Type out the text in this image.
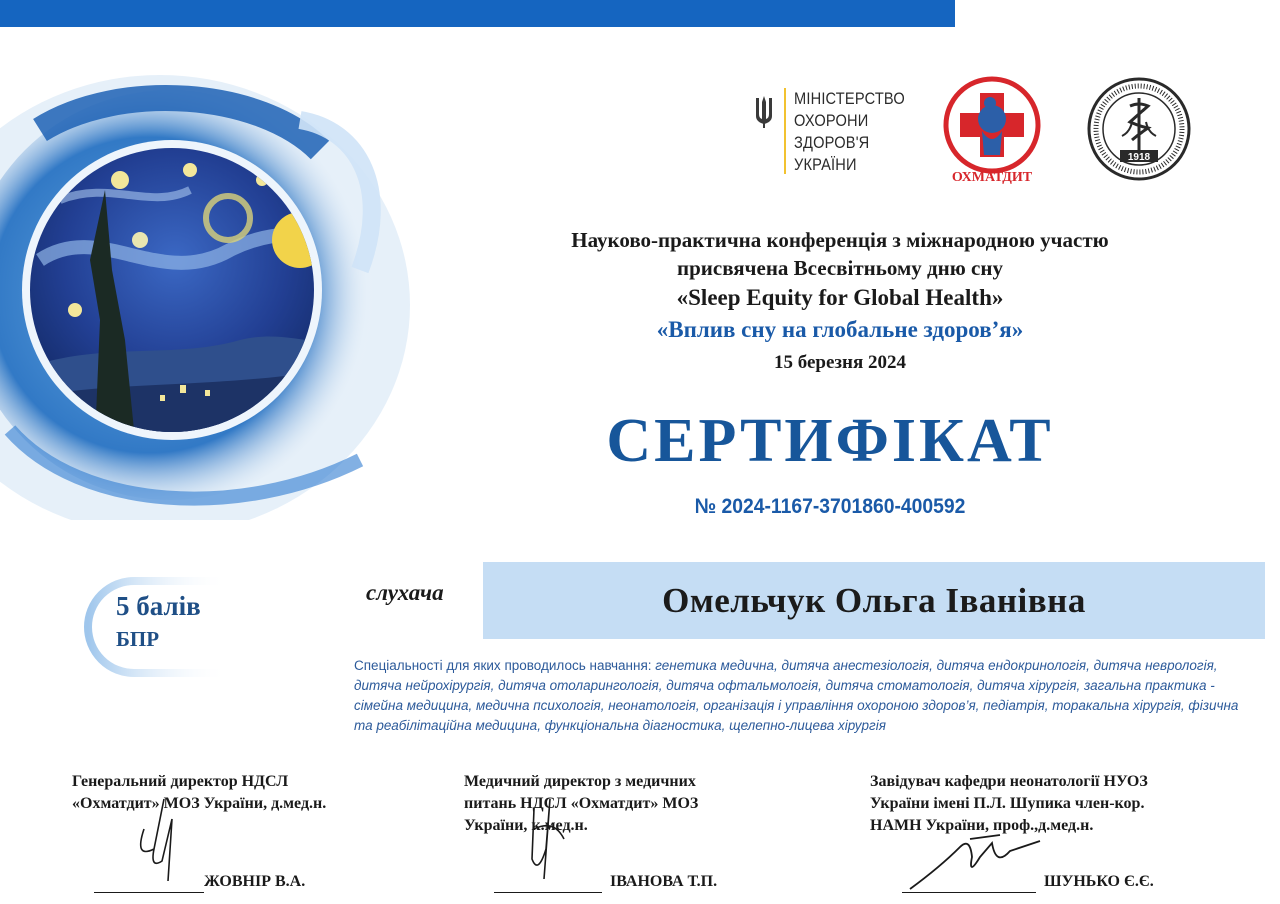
МІНІСТЕРСТВО
ОХОРОНИ
ЗДОРОВ'Я
УКРАЇНИ
ОХМАТДИТ
1918
Науково-практична конференція з міжнародною участю
присвячена Всесвітньому дню сну
«Sleep Equity for Global Health»
«Вплив сну на глобальне здоров’я»
15 березня 2024
СЕРТИФІКАТ
№ 2024-1167-3701860-400592
5 балів
БПР
слухача	Омельчук Ольга Іванівна
Спеціальності для яких проводилось навчання: генетика медична, дитяча анестезіологія, дитяча ендокринологія, дитяча неврологія, дитяча нейрохірургія, дитяча отоларингологія, дитяча офтальмологія, дитяча стоматологія, дитяча хірургія, загальна практика - сімейна медицина, медична психологія, неонатологія, організація і управління охороною здоров’я, педіатрія, торакальна хірургія, фізична та реабілітаційна медицина, функціональна діагностика, щелепно-лицева хірургія
Генеральний директор НДСЛ
«Охматдит» МОЗ України, д.мед.н.
ЖОВНІР В.А.
Медичний директор з медичних
питань НДСЛ «Охматдит» МОЗ
України, к.мед.н.
ІВАНОВА Т.П.
Завідувач кафедри неонатології НУОЗ
України імені П.Л. Шупика член-кор.
НАМН України, проф.,д.мед.н.
ШУНЬКО Є.Є.
